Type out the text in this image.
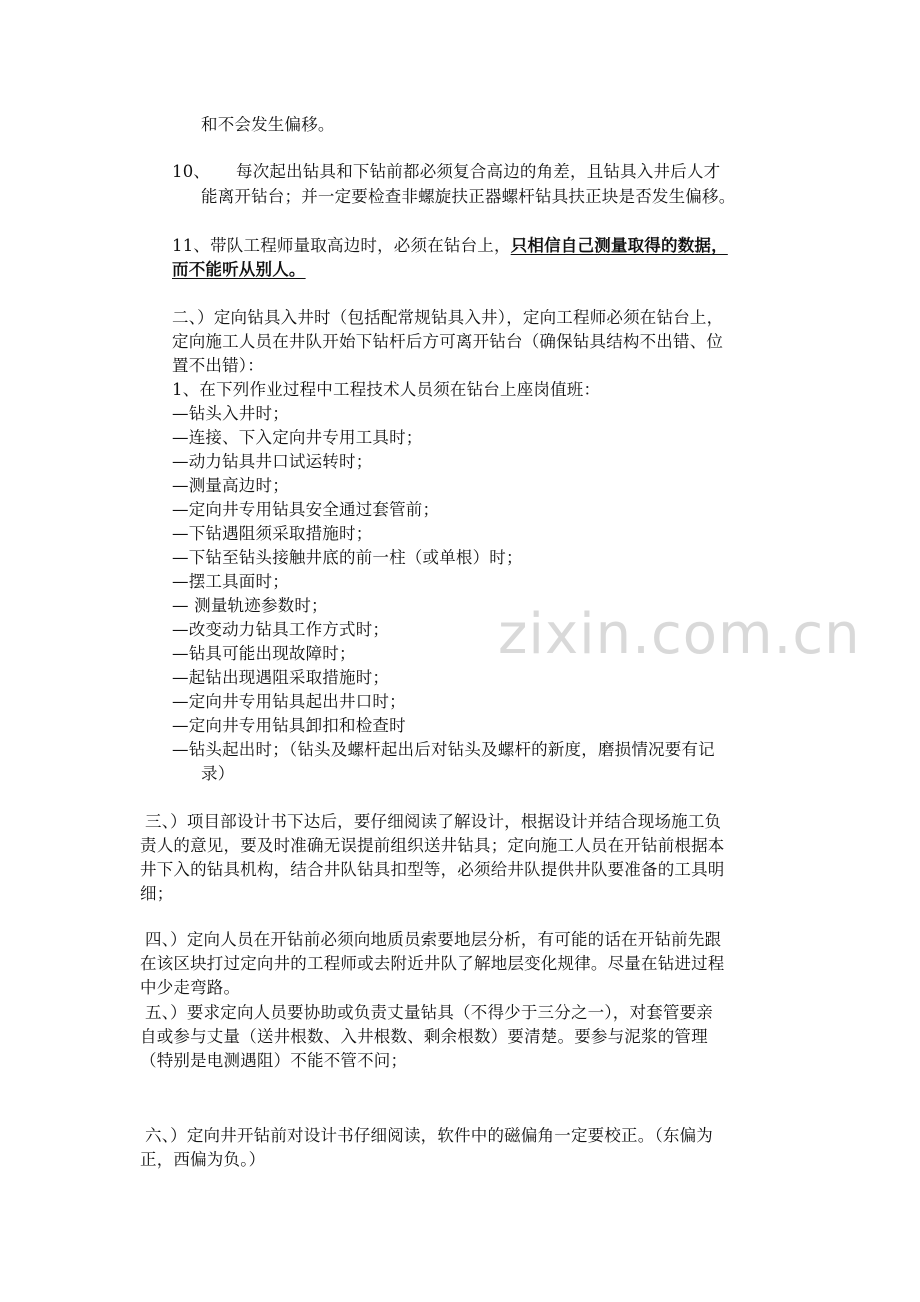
zixin.com.cn
和不会发生偏移。
10、 每次起出钻具和下钻前都必须复合高边的角差，且钻具入井后人才
能离开钻台；并一定要检查非螺旋扶正器螺杆钻具扶正块是否发生偏移。
11、带队工程师量取高边时，必须在钻台上，只相信自己测量取得的数据，
而不能听从别人。
二、）定向钻具入井时（包括配常规钻具入井），定向工程师必须在钻台上，
定向施工人员在井队开始下钻杆后方可离开钻台（确保钻具结构不出错、位
置不出错）：
1、在下列作业过程中工程技术人员须在钻台上座岗值班：
—钻头入井时；
—连接、下入定向井专用工具时；
—动力钻具井口试运转时；
—测量高边时；
—定向井专用钻具安全通过套管前；
—下钻遇阻须采取措施时；
—下钻至钻头接触井底的前一柱（或单根）时；
—摆工具面时；
— 测量轨迹参数时；
—改变动力钻具工作方式时；
—钻具可能出现故障时；
—起钻出现遇阻采取措施时；
—定向井专用钻具起出井口时；
—定向井专用钻具卸扣和检查时
—钻头起出时；（钻头及螺杆起出后对钻头及螺杆的新度，磨损情况要有记
录）
三、）项目部设计书下达后，要仔细阅读了解设计，根据设计并结合现场施工负
责人的意见，要及时准确无误提前组织送井钻具；定向施工人员在开钻前根据本
井下入的钻具机构，结合井队钻具扣型等，必须给井队提供井队要准备的工具明
细；
四、）定向人员在开钻前必须向地质员索要地层分析，有可能的话在开钻前先跟
在该区块打过定向井的工程师或去附近井队了解地层变化规律。尽量在钻进过程
中少走弯路。
五、）要求定向人员要协助或负责丈量钻具（不得少于三分之一），对套管要亲
自或参与丈量（送井根数、入井根数、剩余根数）要清楚。要参与泥浆的管理
（特别是电测遇阻）不能不管不问；
六、）定向井开钻前对设计书仔细阅读，软件中的磁偏角一定要校正。（东偏为
正，西偏为负。）
